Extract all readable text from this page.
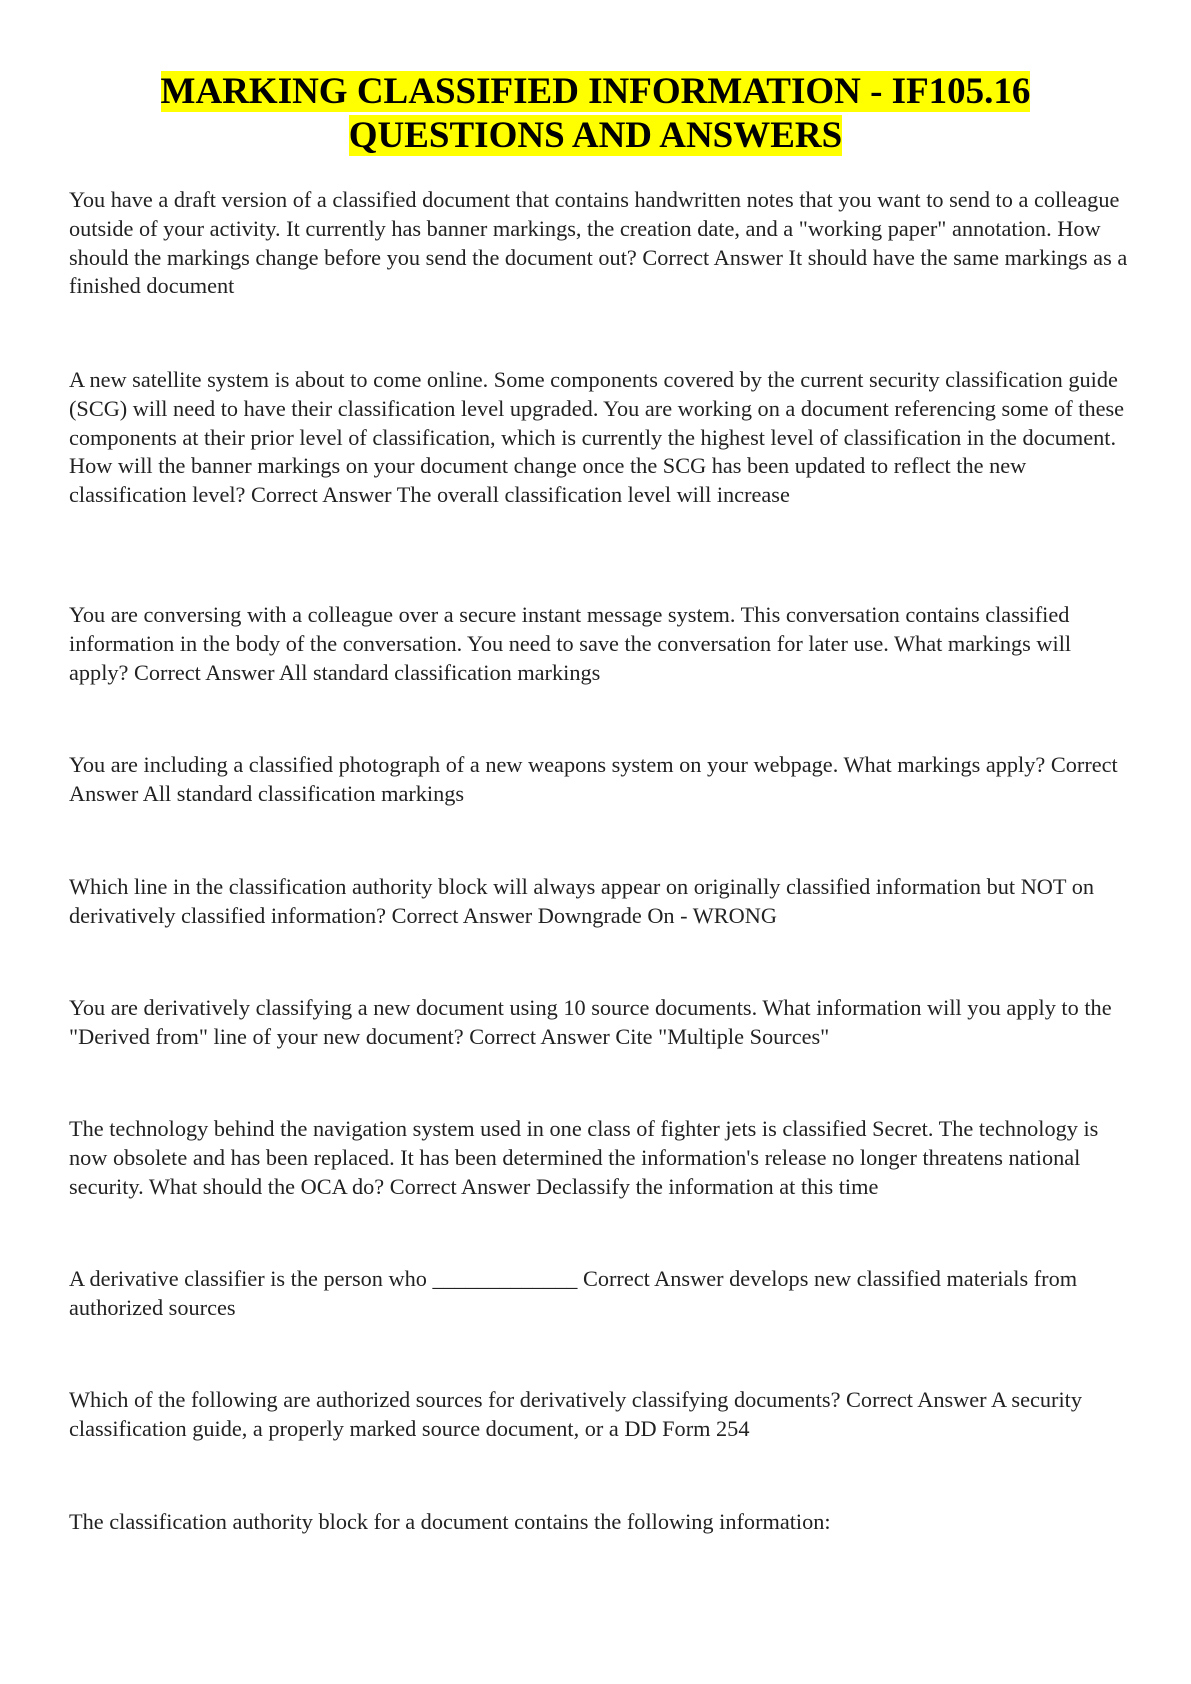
MARKING CLASSIFIED INFORMATION - IF105.16
QUESTIONS AND ANSWERS

You have a draft version of a classified document that contains handwritten notes that you want to send to a colleague outside of your activity. It currently has banner markings, the creation date, and a "working paper" annotation. How should the markings change before you send the document out? Correct Answer It should have the same markings as a finished document

A new satellite system is about to come online. Some components covered by the current security classification guide (SCG) will need to have their classification level upgraded. You are working on a document referencing some of these components at their prior level of classification, which is currently the highest level of classification in the document. How will the banner markings on your document change once the SCG has been updated to reflect the new classification level? Correct Answer The overall classification level will increase

You are conversing with a colleague over a secure instant message system. This conversation contains classified information in the body of the conversation. You need to save the conversation for later use. What markings will apply? Correct Answer All standard classification markings

You are including a classified photograph of a new weapons system on your webpage. What markings apply? Correct Answer All standard classification markings

Which line in the classification authority block will always appear on originally classified information but NOT on derivatively classified information? Correct Answer Downgrade On - WRONG

You are derivatively classifying a new document using 10 source documents. What information will you apply to the "Derived from" line of your new document? Correct Answer Cite "Multiple Sources"

The technology behind the navigation system used in one class of fighter jets is classified Secret. The technology is now obsolete and has been replaced. It has been determined the information's release no longer threatens national security. What should the OCA do? Correct Answer Declassify the information at this time

A derivative classifier is the person who _____________ Correct Answer develops new classified materials from authorized sources

Which of the following are authorized sources for derivatively classifying documents? Correct Answer A security classification guide, a properly marked source document, or a DD Form 254

The classification authority block for a document contains the following information:
